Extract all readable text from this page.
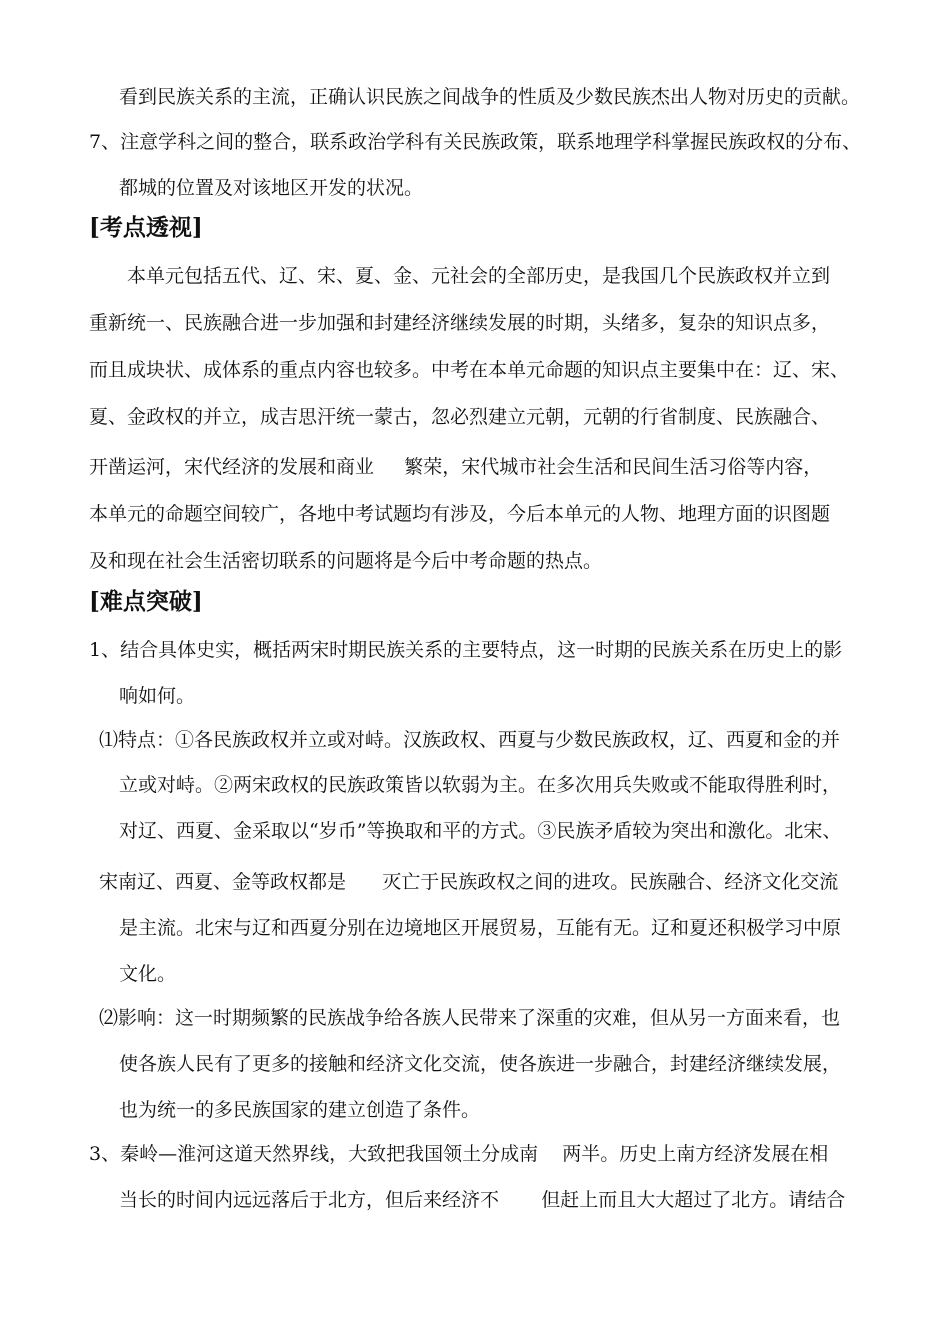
看到民族关系的主流，正确认识民族之间战争的性质及少数民族杰出人物对历史的贡献。
7、注意学科之间的整合，联系政治学科有关民族政策，联系地理学科掌握民族政权的分布、
都城的位置及对该地区开发的状况。
[考点透视]
本单元包括五代、辽、宋、夏、金、元社会的全部历史，是我国几个民族政权并立到
重新统一、民族融合进一步加强和封建经济继续发展的时期，头绪多，复杂的知识点多，
而且成块状、成体系的重点内容也较多。中考在本单元命题的知识点主要集中在：辽、宋、
夏、金政权的并立，成吉思汗统一蒙古，忽必烈建立元朝，元朝的行省制度、民族融合、
开凿运河，宋代经济的发展和商业     繁荣，宋代城市社会生活和民间生活习俗等内容，
本单元的命题空间较广，各地中考试题均有涉及，今后本单元的人物、地理方面的识图题
及和现在社会生活密切联系的问题将是今后中考命题的热点。
[难点突破]
1、结合具体史实，概括两宋时期民族关系的主要特点，这一时期的民族关系在历史上的影
响如何。
⑴特点：①各民族政权并立或对峙。汉族政权、西夏与少数民族政权，辽、西夏和金的并
立或对峙。②两宋政权的民族政策皆以软弱为主。在多次用兵失败或不能取得胜利时，
对辽、西夏、金采取以“岁币”等换取和平的方式。③民族矛盾较为突出和激化。北宋、
宋南辽、西夏、金等政权都是      灭亡于民族政权之间的进攻。民族融合、经济文化交流
是主流。北宋与辽和西夏分别在边境地区开展贸易，互能有无。辽和夏还积极学习中原
文化。
⑵影响：这一时期频繁的民族战争给各族人民带来了深重的灾难，但从另一方面来看，也
使各族人民有了更多的接触和经济文化交流，使各族进一步融合，封建经济继续发展，
也为统一的多民族国家的建立创造了条件。
3、秦岭—淮河这道天然界线，大致把我国领土分成南    两半。历史上南方经济发展在相
当长的时间内远远落后于北方，但后来经济不       但赶上而且大大超过了北方。请结合
